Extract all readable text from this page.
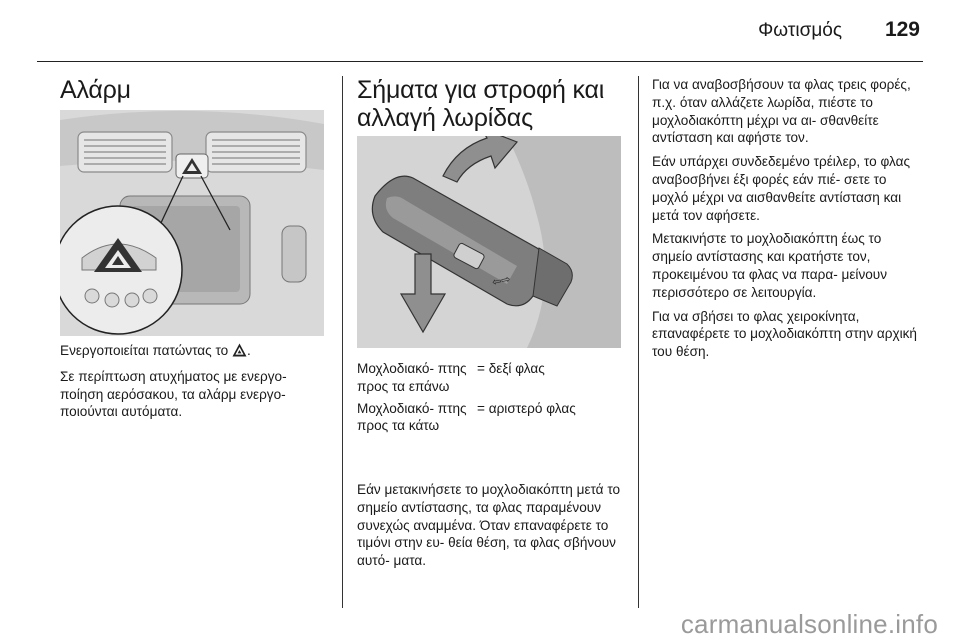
Φωτισμός 129
Αλάρμ

Ενεργοποιείται πατώντας το .

Σε περίπτωση ατυχήματος με ενεργο- ποίηση αερόσακου, τα αλάρμ ενεργο- ποιούνται αυτόματα.

Σήματα για στροφή και
αλλαγή λωρίδας
⇦⇨
Μοχλοδιακό- πτης προς τα επάνω
= δεξί φλας
Μοχλοδιακό- πτης προς τα κάτω
= αριστερό φλας

Εάν μετακινήσετε το μοχλοδιακόπτη μετά το σημείο αντίστασης, τα φλας παραμένουν συνεχώς αναμμένα. Όταν επαναφέρετε το τιμόνι στην ευ- θεία θέση, τα φλας σβήνουν αυτό- ματα.

Για να αναβοσβήσουν τα φλας τρεις φορές, π.χ. όταν αλλάζετε λωρίδα, πιέστε το μοχλοδιακόπτη μέχρι να αι- σθανθείτε αντίσταση και αφήστε τον.

Εάν υπάρχει συνδεδεμένο τρέιλερ, το φλας αναβοσβήνει έξι φορές εάν πιέ- σετε το μοχλό μέχρι να αισθανθείτε αντίσταση και μετά τον αφήσετε.

Μετακινήστε το μοχλοδιακόπτη έως το σημείο αντίστασης και κρατήστε τον, προκειμένου τα φλας να παρα- μείνουν περισσότερο σε λειτουργία.

Για να σβήσει το φλας χειροκίνητα, επαναφέρετε το μοχλοδιακόπτη στην αρχική του θέση.

carmanualsonline.info
